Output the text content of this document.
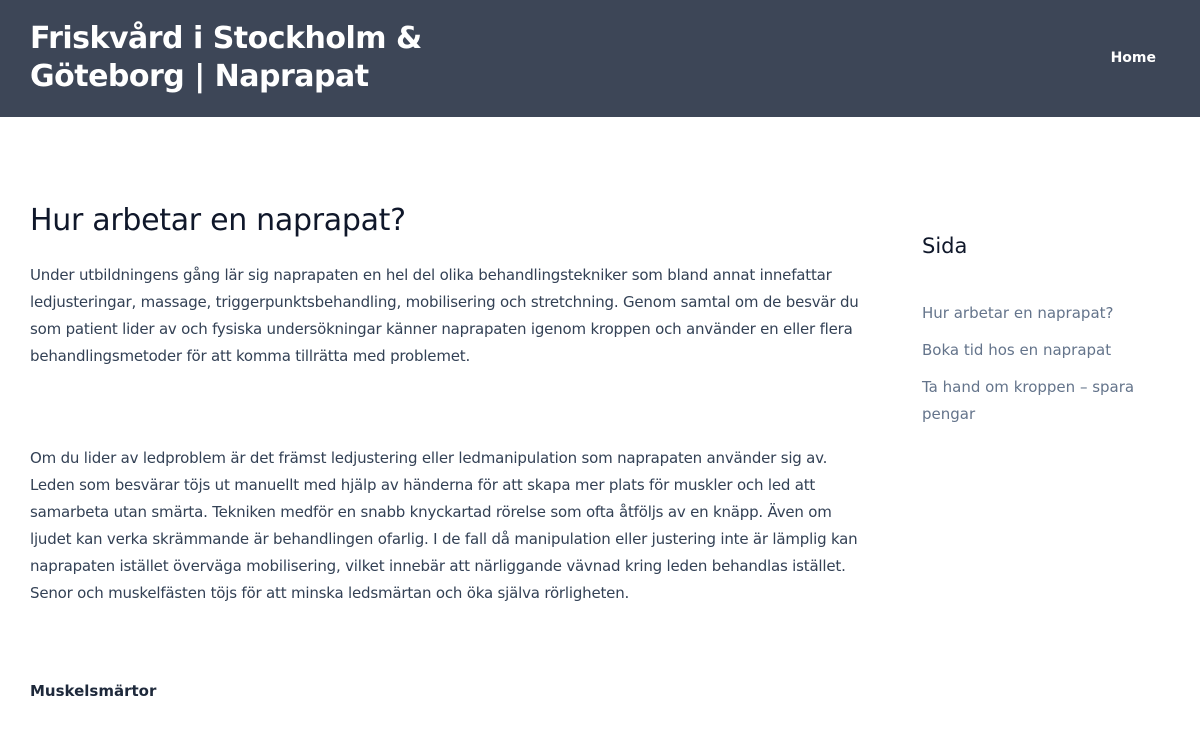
Friskvård i Stockholm & Göteborg | Naprapat
Home
Hur arbetar en naprapat?

Under utbildningens gång lär sig naprapaten en hel del olika behandlingstekniker som bland annat innefattar ledjusteringar, massage, triggerpunktsbehandling, mobilisering och stretchning. Genom samtal om de besvär du som patient lider av och fysiska undersökningar känner naprapaten igenom kroppen och använder en eller flera behandlingsmetoder för att komma tillrätta med problemet.

Om du lider av ledproblem är det främst ledjustering eller ledmanipulation som naprapaten använder sig av. Leden som besvärar töjs ut manuellt med hjälp av händerna för att skapa mer plats för muskler och led att samarbeta utan smärta. Tekniken medför en snabb knyckartad rörelse som ofta åtföljs av en knäpp. Även om ljudet kan verka skrämmande är behandlingen ofarlig. I de fall då manipulation eller justering inte är lämplig kan naprapaten istället överväga mobilisering, vilket innebär att närliggande vävnad kring leden behandlas istället. Senor och muskelfästen töjs för att minska ledsmärtan och öka själva rörligheten.

Muskelsmärtor
Sida
Hur arbetar en naprapat?
Boka tid hos en naprapat
Ta hand om kroppen – spara pengar
